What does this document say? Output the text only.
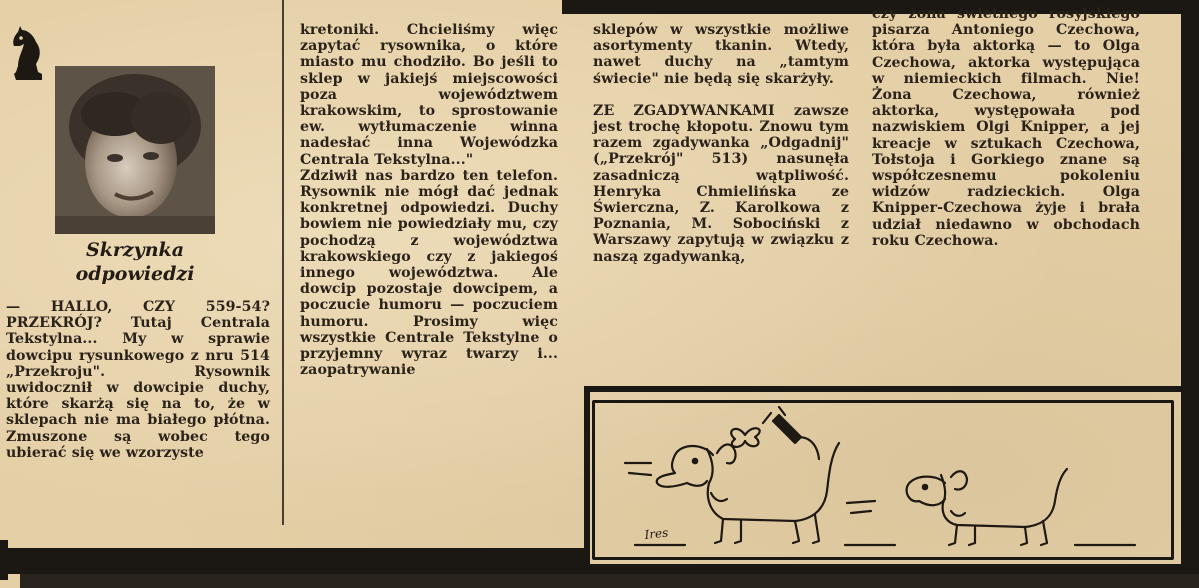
Skrzynka
odpowiedzi

— HALLO, CZY 559-54? PRZEKRÓJ? Tutaj Centrala Tekstylna... My w sprawie dowcipu rysunkowego z nru 514 „Przekroju". Rysownik uwidocznił w dowcipie duchy, które skarżą się na to, że w sklepach nie ma białego płótna. Zmuszone są wobec tego ubierać się we wzorzyste

kretoniki. Chcieliśmy więc zapytać rysownika, o które miasto mu chodziło. Bo jeśli to sklep w jakiejś miejscowości poza województwem krakowskim, to sprostowanie ew. wytłumaczenie winna nadesłać inna Wojewódzka Centrala Tekstylna..."

Zdziwił nas bardzo ten telefon. Rysownik nie mógł dać jednak konkretnej odpowiedzi. Duchy bowiem nie powiedziały mu, czy pochodzą z województwa krakowskiego czy z jakiegoś innego województwa. Ale dowcip pozostaje dowcipem, a poczucie humoru — poczuciem humoru. Prosimy więc wszystkie Centrale Tekstylne o przyjemny wyraz twarzy i... zaopatrywanie

sklepów w wszystkie możliwe asortymenty tkanin. Wtedy, nawet duchy na „tamtym świecie" nie będą się skarżyły.

ZE ZGADYWANKAMI zawsze jest trochę kłopotu. Znowu tym razem zgadywanka „Odgadnij" („Przekrój" 513) nasunęła zasadniczą wątpliwość. Henryka Chmielińska ze Świerczna, Z. Karolkowa z Poznania, M. Sobociński z Warszawy zapytują w związku z naszą zgadywanką,

czy żona świetnego rosyjskiego pisarza Antoniego Czechowa, która była aktorką — to Olga Czechowa, aktorka występująca w niemieckich filmach. Nie! Żona Czechowa, również aktorka, występowała pod nazwiskiem Olgi Knipper, a jej kreacje w sztukach Czechowa, Tołstoja i Gorkiego znane są współczesnemu pokoleniu widzów radzieckich. Olga Knipper-Czechowa żyje i brała udział niedawno w obchodach roku Czechowa.

Ires
